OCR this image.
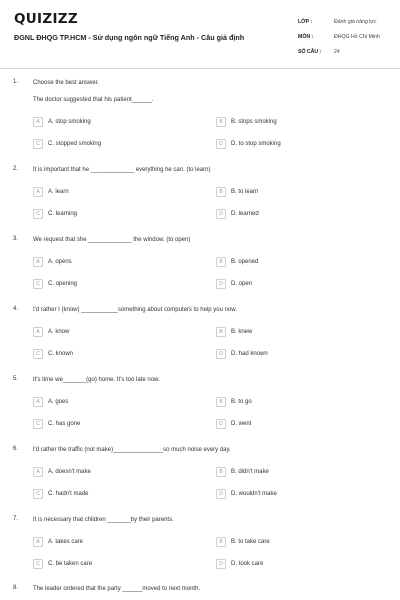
QUIZIZZ
ĐGNL ĐHQG TP.HCM - Sử dụng ngôn ngữ Tiếng Anh - Câu giả định
LỚP :	Đánh giá năng lực
MÔN :	ĐHQG Hồ Chí Minh
SỐ CÂU :	24
1.	Choose the best answer.
The doctor suggested that his patient______.
A	A. stop smoking	B	B. stops smoking
C	C. stopped smoking	D	D. to stop smoking
2.	It is important that he _____________ everything he can. (to learn)
A	A. learn	B	B. to learn
C	C. learning	D	D. learned
3.	We request that she _____________ the window. (to open)
A	A. opens	B	B. opened
C	C. opening	D	D. open
4.	I'd rather I (know) ___________something about computers to help you now.
A	A. know	B	B. knew
C	C. known	D	D. had known
5.	It's time we_______(go) home. It's too late now.
A	A. goes	B	B. to go
C	C. has gone	D	D. went
6.	I'd rather the traffic (not make)_______________so much noise every day.
A	A. doesn't make	B	B. didn't make
C	C. hadn't made	D	D. wouldn't make
7.	It is necessary that children _______by their parents.
A	A. takes care	B	B. to take care
C	C. be taken care	D	D. took care
8.	The leader ordered that the party ______moved to next month.
